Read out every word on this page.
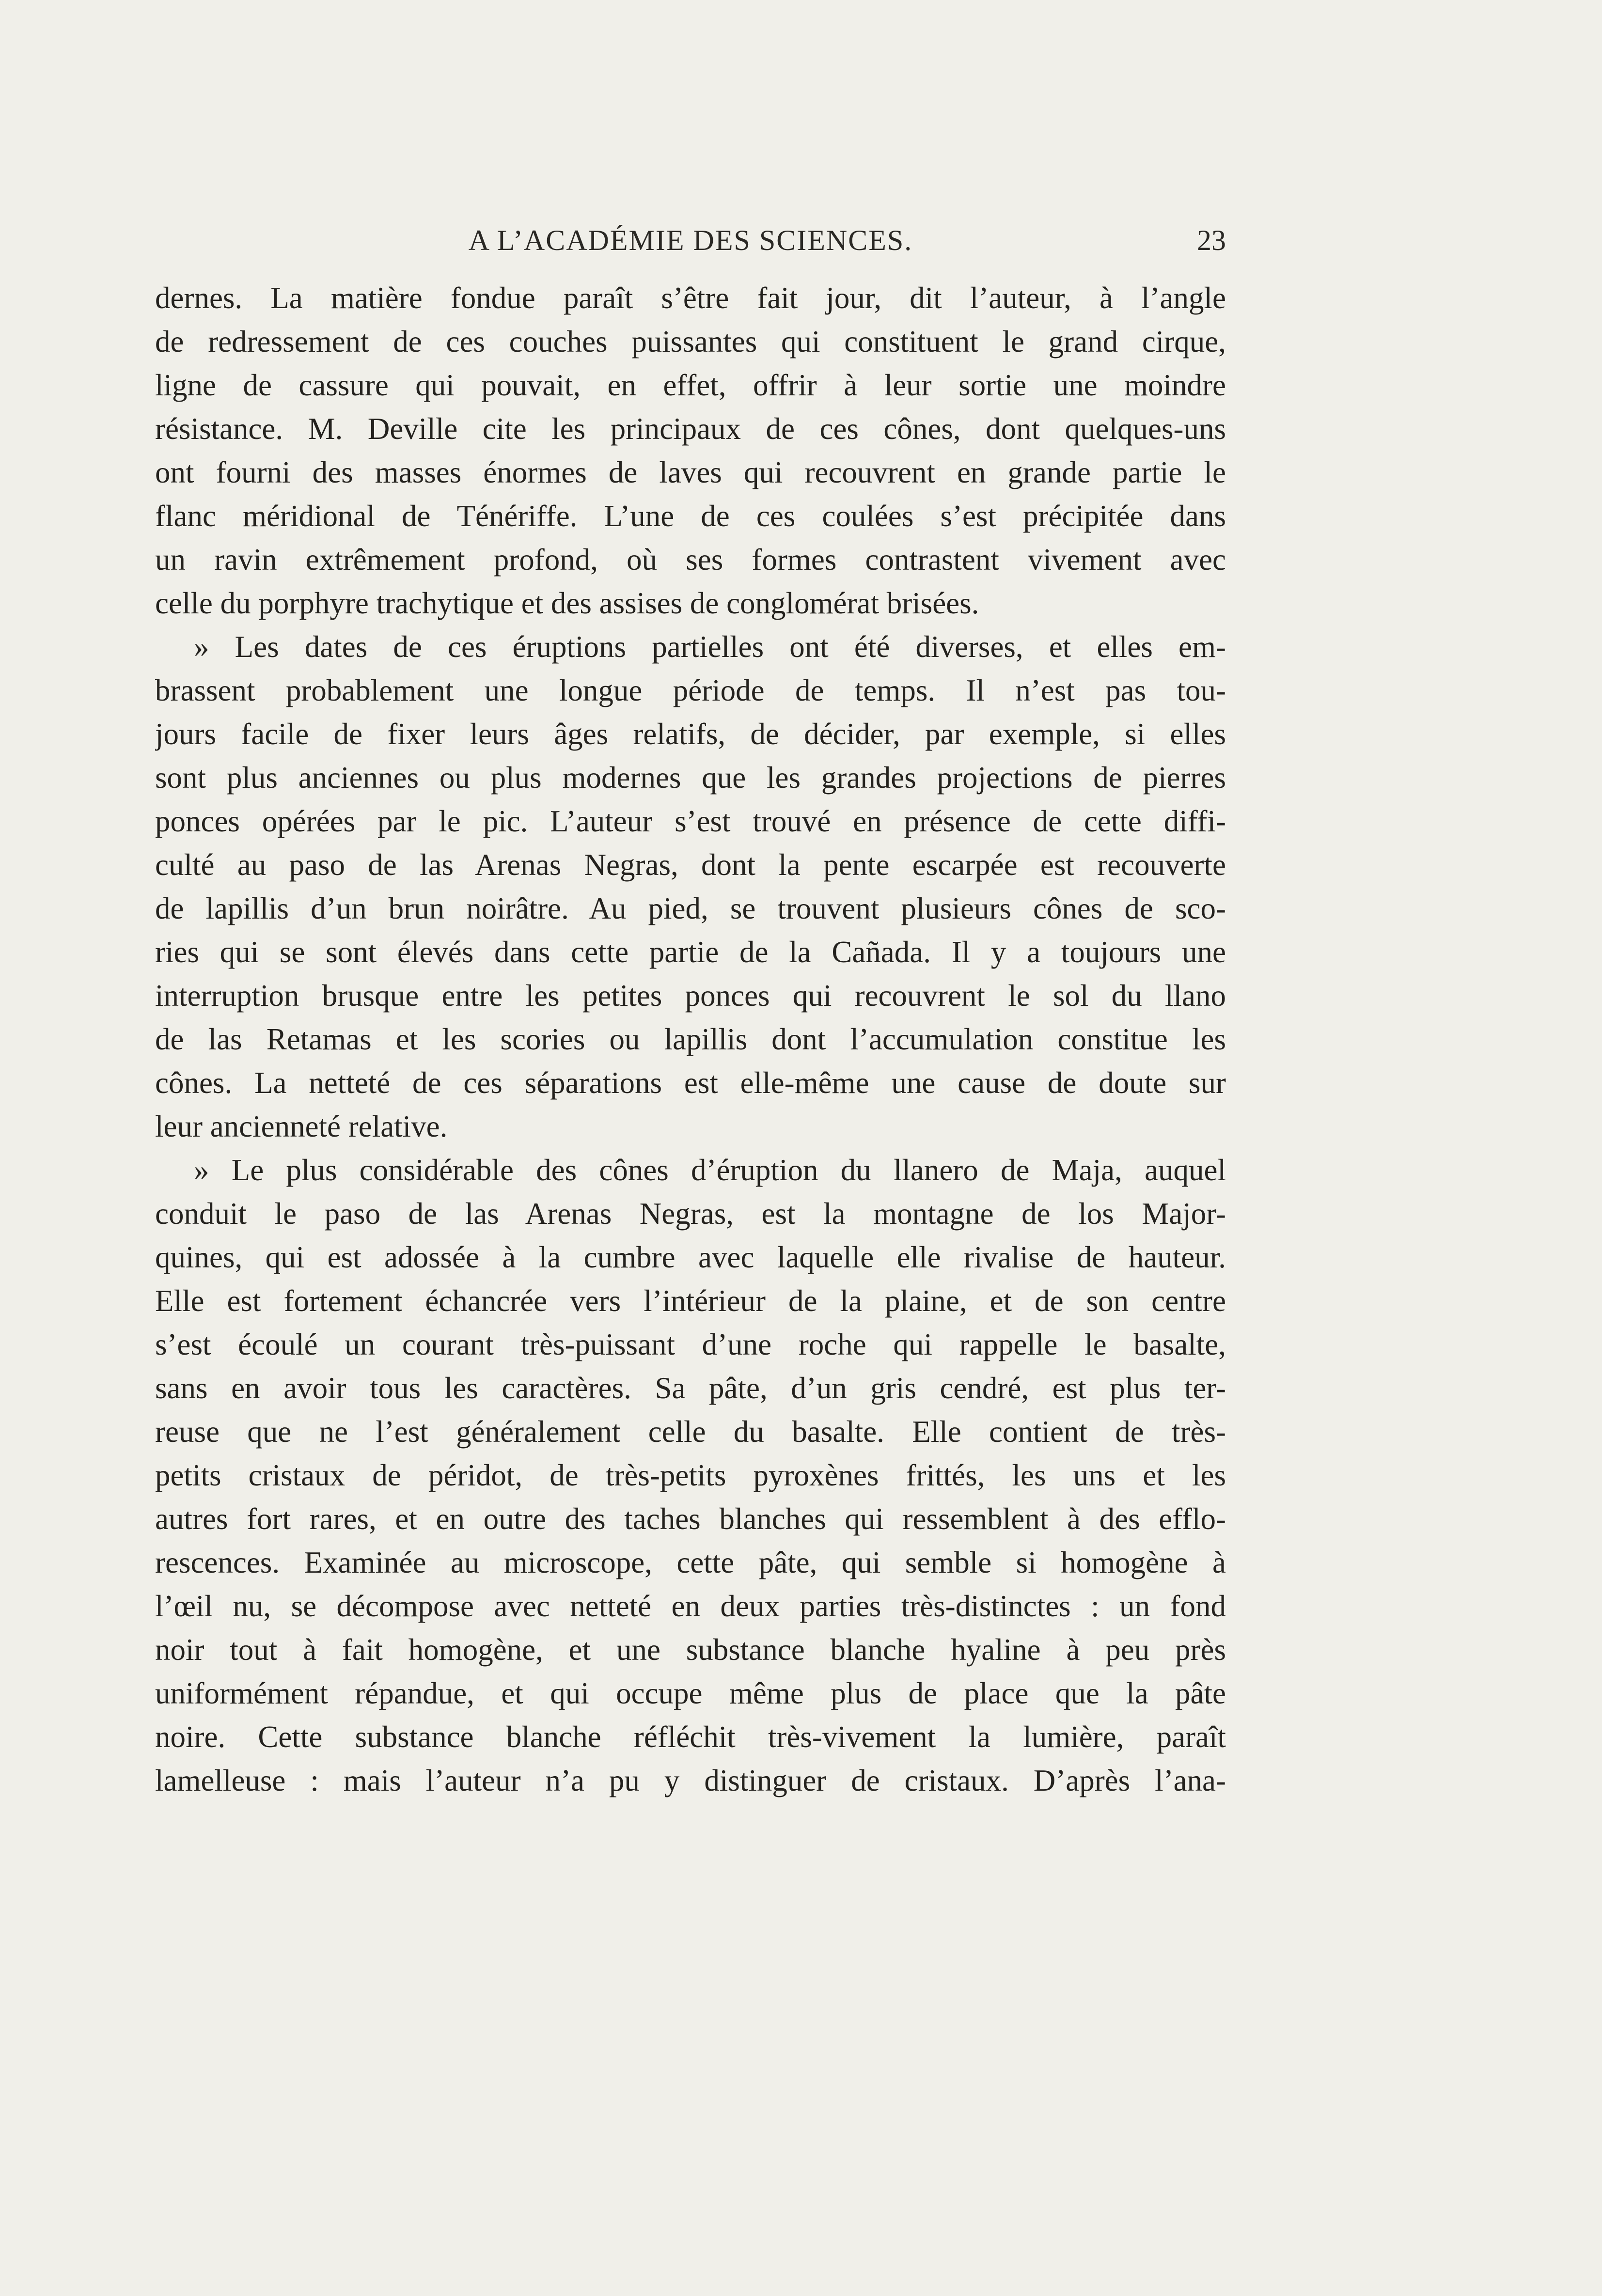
A L’ACADÉMIE DES SCIENCES.	23
dernes. La matière fondue paraît s’être fait jour, dit l’auteur, à l’angle
de redressement de ces couches puissantes qui constituent le grand cirque,
ligne de cassure qui pouvait, en effet, offrir à leur sortie une moindre
résistance. M. Deville cite les principaux de ces cônes, dont quelques-uns
ont fourni des masses énormes de laves qui recouvrent en grande partie le
flanc méridional de Ténériffe. L’une de ces coulées s’est précipitée dans
un ravin extrêmement profond, où ses formes contrastent vivement avec
celle du porphyre trachytique et des assises de conglomérat brisées.
» Les dates de ces éruptions partielles ont été diverses, et elles em-
brassent probablement une longue période de temps. Il n’est pas tou-
jours facile de fixer leurs âges relatifs, de décider, par exemple, si elles
sont plus anciennes ou plus modernes que les grandes projections de pierres
ponces opérées par le pic. L’auteur s’est trouvé en présence de cette diffi-
culté au paso de las Arenas Negras, dont la pente escarpée est recouverte
de lapillis d’un brun noirâtre. Au pied, se trouvent plusieurs cônes de sco-
ries qui se sont élevés dans cette partie de la Cañada. Il y a toujours une
interruption brusque entre les petites ponces qui recouvrent le sol du llano
de las Retamas et les scories ou lapillis dont l’accumulation constitue les
cônes. La netteté de ces séparations est elle-même une cause de doute sur
leur ancienneté relative.
» Le plus considérable des cônes d’éruption du llanero de Maja, auquel
conduit le paso de las Arenas Negras, est la montagne de los Major-
quines, qui est adossée à la cumbre avec laquelle elle rivalise de hauteur.
Elle est fortement échancrée vers l’intérieur de la plaine, et de son centre
s’est écoulé un courant très-puissant d’une roche qui rappelle le basalte,
sans en avoir tous les caractères. Sa pâte, d’un gris cendré, est plus ter-
reuse que ne l’est généralement celle du basalte. Elle contient de très-
petits cristaux de péridot, de très-petits pyroxènes frittés, les uns et les
autres fort rares, et en outre des taches blanches qui ressemblent à des efflo-
rescences. Examinée au microscope, cette pâte, qui semble si homogène à
l’œil nu, se décompose avec netteté en deux parties très-distinctes : un fond
noir tout à fait homogène, et une substance blanche hyaline à peu près
uniformément répandue, et qui occupe même plus de place que la pâte
noire. Cette substance blanche réfléchit très-vivement la lumière, paraît
lamelleuse : mais l’auteur n’a pu y distinguer de cristaux. D’après l’ana-
